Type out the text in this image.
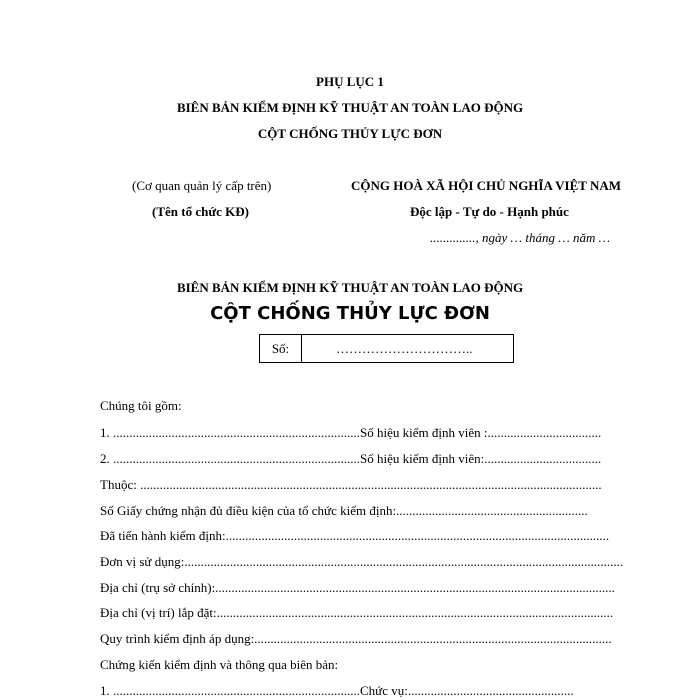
PHỤ LỤC 1
BIÊN BẢN KIỂM ĐỊNH KỸ THUẬT AN TOÀN LAO ĐỘNG
CỘT CHỐNG THỦY LỰC ĐƠN
(Cơ quan quản lý cấp trên)
(Tên tổ chức KĐ)
CỘNG HOÀ XÃ HỘI CHỦ NGHĨA VIỆT NAM
Độc lập - Tự do - Hạnh phúc
.............., ngày … tháng … năm …
BIÊN BẢN KIỂM ĐỊNH KỸ THUẬT AN TOÀN LAO ĐỘNG
CỘT CHỐNG THỦY LỰC ĐƠN
Số:	…………………………..
Chúng tôi gồm:
1. ............................................................................Số hiệu kiểm định viên :...................................
2. ............................................................................Số hiệu kiểm định viên:....................................
Thuộc: ..............................................................................................................................................
Số Giấy chứng nhận đủ điều kiện của tổ chức kiểm định:...........................................................
Đã tiến hành kiểm định:......................................................................................................................
Đơn vị sử dụng:.......................................................................................................................................
Địa chỉ (trụ sở chính):...........................................................................................................................
Địa chỉ (vị trí) lắp đặt:..........................................................................................................................
Quy trình kiểm định áp dụng:..............................................................................................................
Chứng kiến kiểm định và thông qua biên bản:
1. ............................................................................Chức vụ:...................................................
